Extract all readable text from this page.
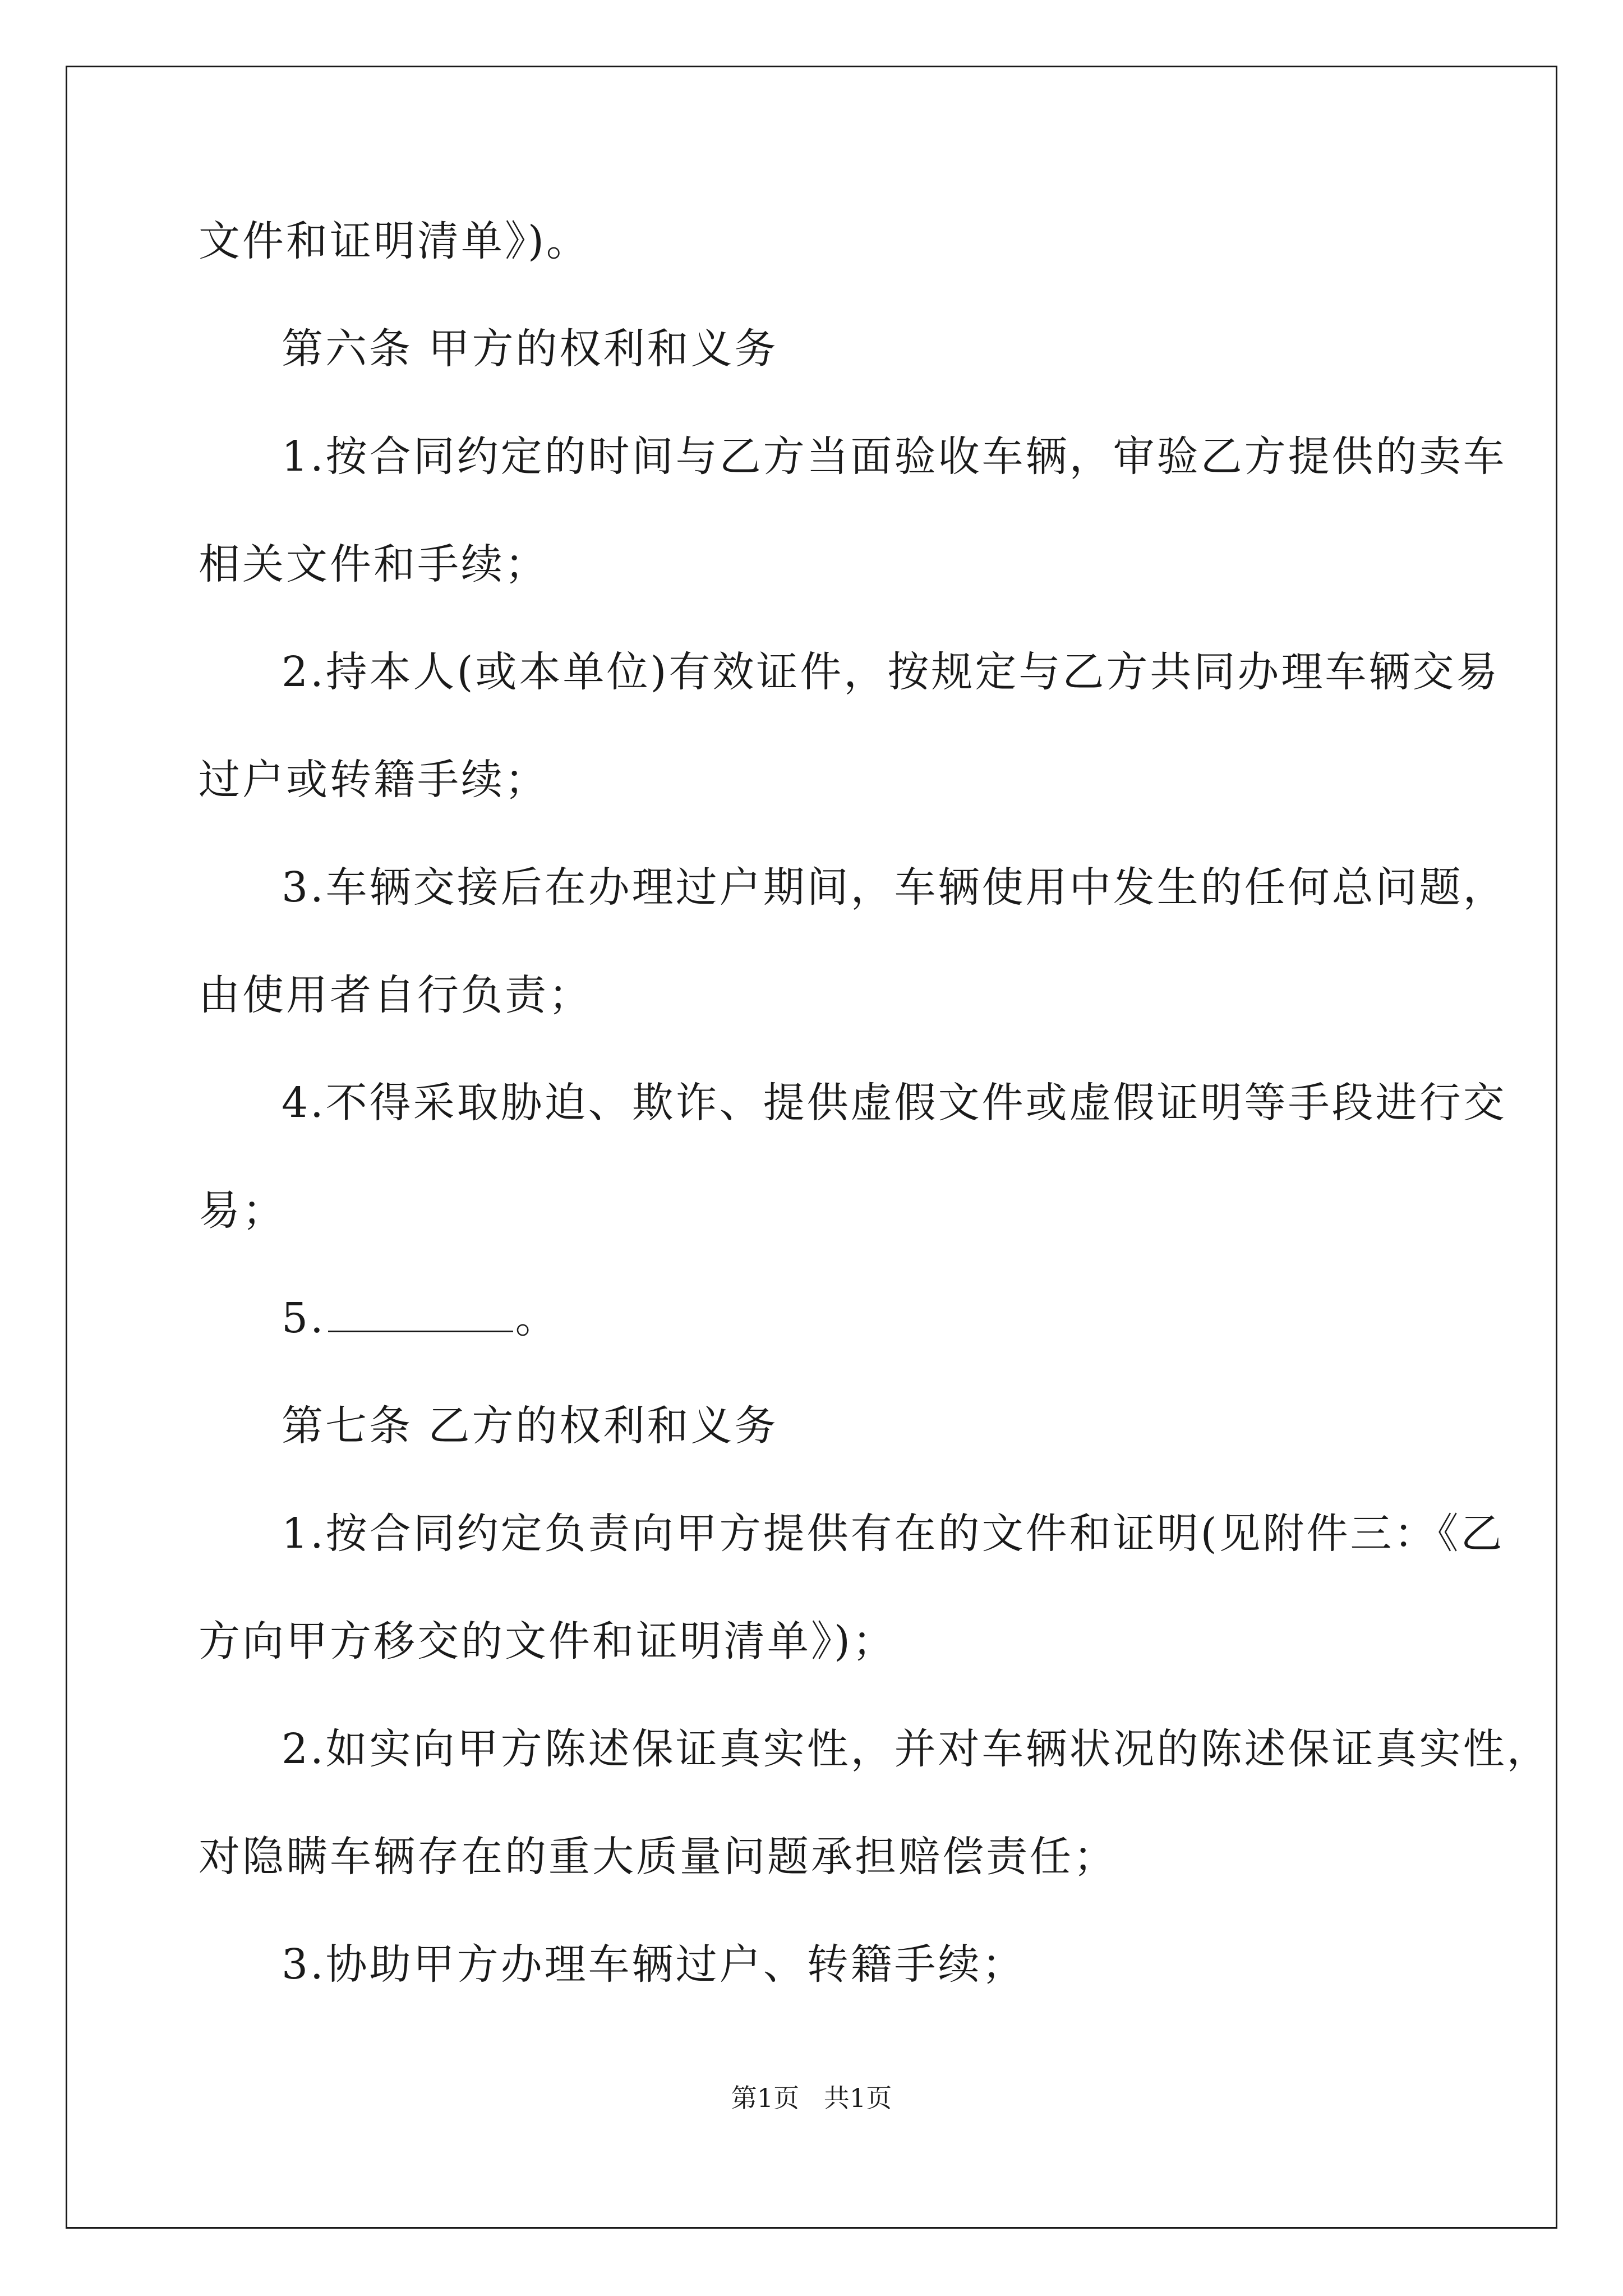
文件和证明清单》)。
第六条 甲方的权利和义务
1.按合同约定的时间与乙方当面验收车辆，审验乙方提供的卖车
相关文件和手续；
2.持本人(或本单位)有效证件，按规定与乙方共同办理车辆交易
过户或转籍手续；
3.车辆交接后在办理过户期间，车辆使用中发生的任何总问题，
由使用者自行负责；
4.不得采取胁迫、欺诈、提供虚假文件或虚假证明等手段进行交
易；
5.	。
第七条 乙方的权利和义务
1.按合同约定负责向甲方提供有在的文件和证明(见附件三：《乙
方向甲方移交的文件和证明清单》)；
2.如实向甲方陈述保证真实性，并对车辆状况的陈述保证真实性，
对隐瞒车辆存在的重大质量问题承担赔偿责任；
3.协助甲方办理车辆过户、转籍手续；
第1页   共1页
